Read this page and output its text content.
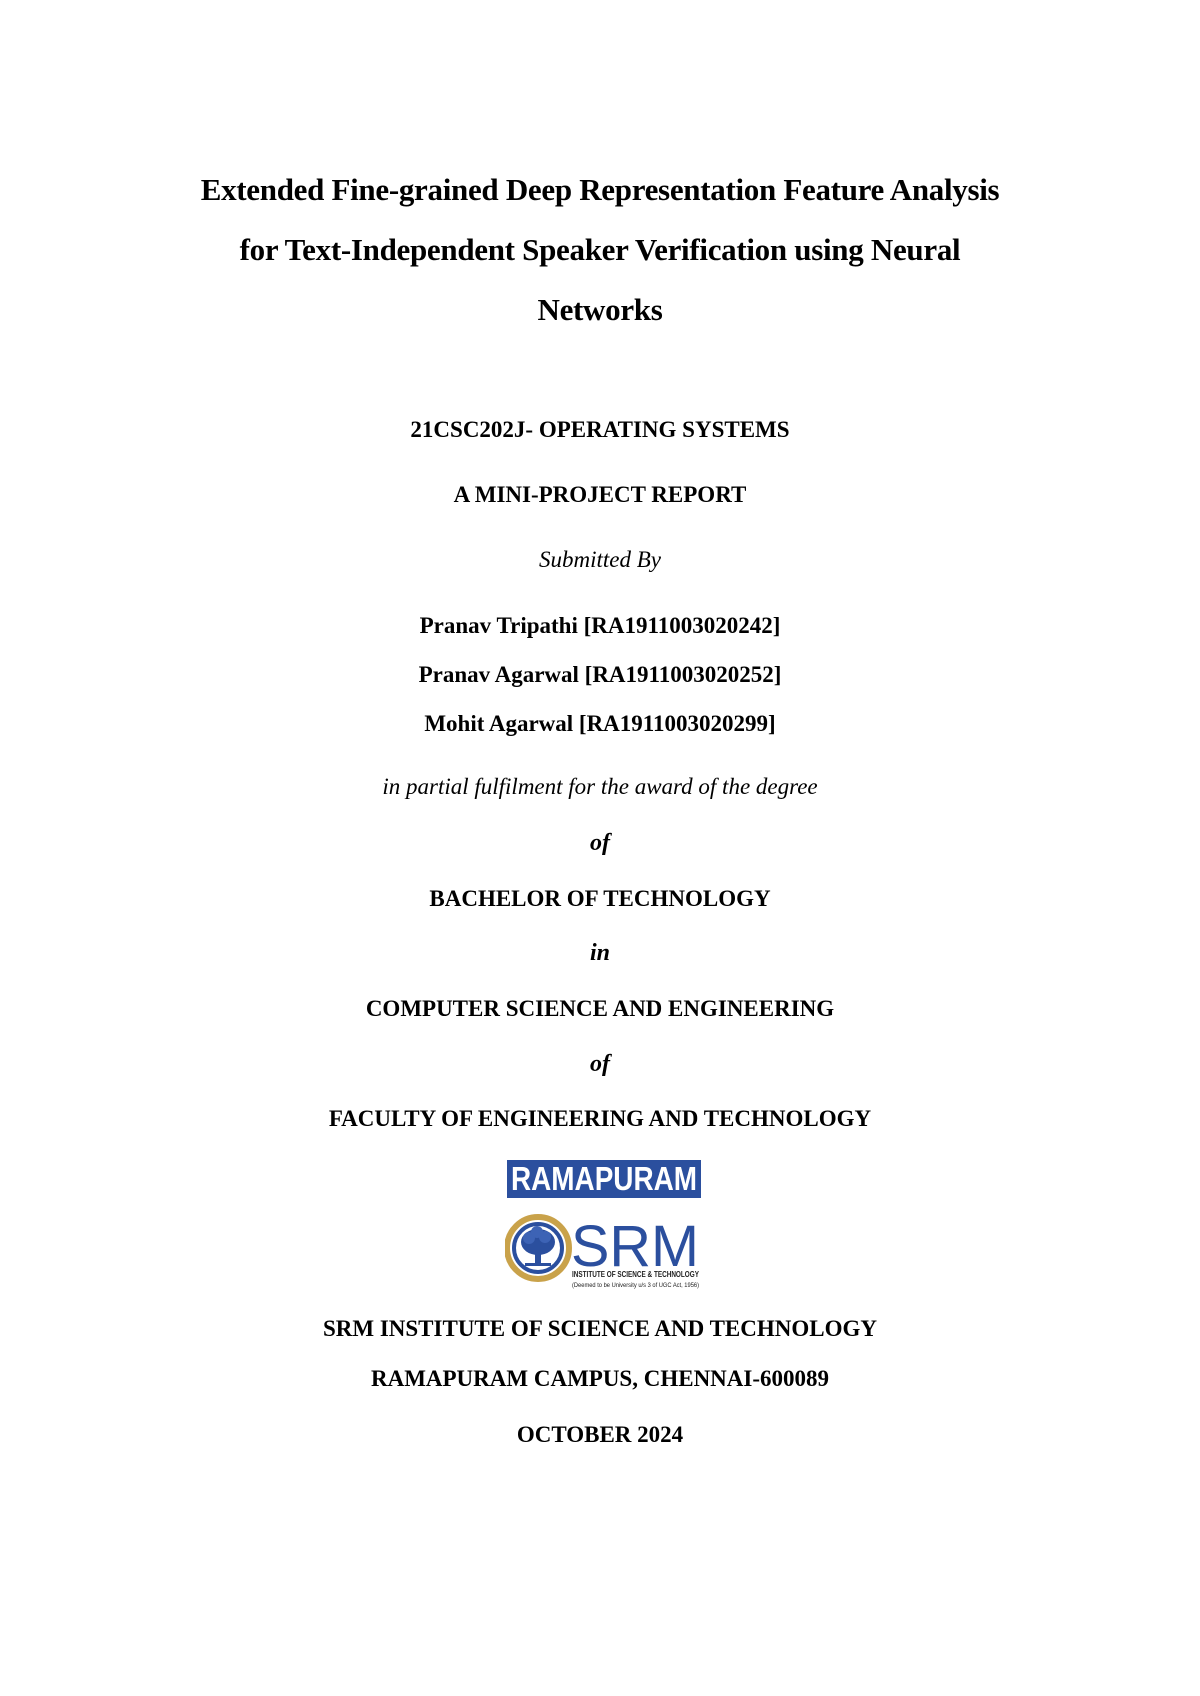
Extended Fine-grained Deep Representation Feature Analysis
for Text-Independent Speaker Verification using Neural
Networks
21CSC202J- OPERATING SYSTEMS
A MINI-PROJECT REPORT
Submitted By
Pranav Tripathi [RA1911003020242]
Pranav Agarwal [RA1911003020252]
Mohit Agarwal [RA1911003020299]
in partial fulfilment for the award of the degree
of
BACHELOR OF TECHNOLOGY
in
COMPUTER SCIENCE AND ENGINEERING
of
FACULTY OF ENGINEERING AND TECHNOLOGY
RAMAPURAM
SRM
INSTITUTE OF SCIENCE & TECHNOLOGY
(Deemed to be University u/s 3 of UGC Act, 1956)
SRM INSTITUTE OF SCIENCE AND TECHNOLOGY
RAMAPURAM CAMPUS, CHENNAI-600089
OCTOBER 2024
